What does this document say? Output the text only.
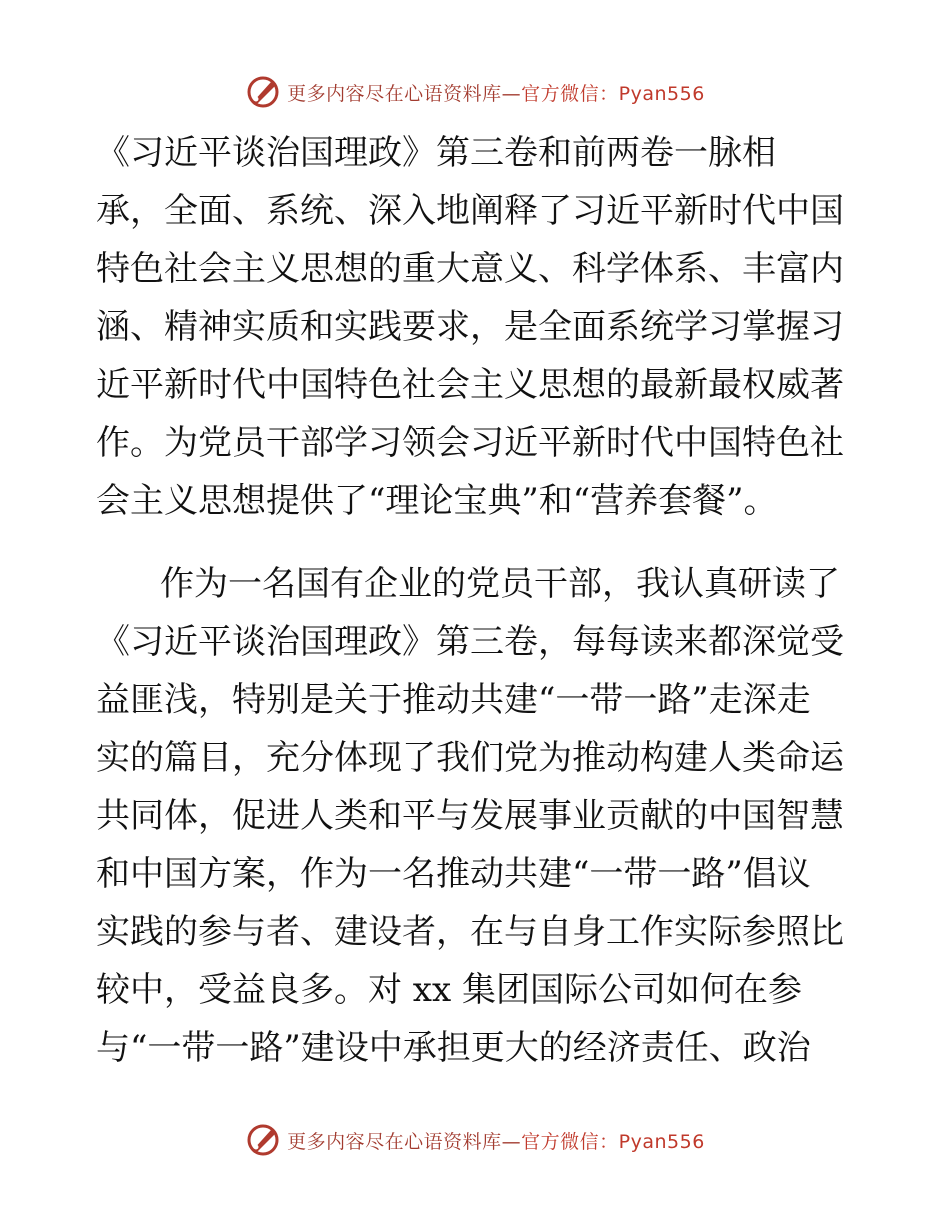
更多内容尽在心语资料库—官方微信：Pyan556
《习近平谈治国理政》第三卷和前两卷一脉相
承，全面、系统、深入地阐释了习近平新时代中国
特色社会主义思想的重大意义、科学体系、丰富内
涵、精神实质和实践要求，是全面系统学习掌握习
近平新时代中国特色社会主义思想的最新最权威著
作。为党员干部学习领会习近平新时代中国特色社
会主义思想提供了“理论宝典”和“营养套餐”。
作为一名国有企业的党员干部，我认真研读了
《习近平谈治国理政》第三卷，每每读来都深觉受
益匪浅，特别是关于推动共建“一带一路”走深走
实的篇目，充分体现了我们党为推动构建人类命运
共同体，促进人类和平与发展事业贡献的中国智慧
和中国方案，作为一名推动共建“一带一路”倡议
实践的参与者、建设者，在与自身工作实际参照比
较中，受益良多。对 xx 集团国际公司如何在参
与“一带一路”建设中承担更大的经济责任、政治
更多内容尽在心语资料库—官方微信：Pyan556
